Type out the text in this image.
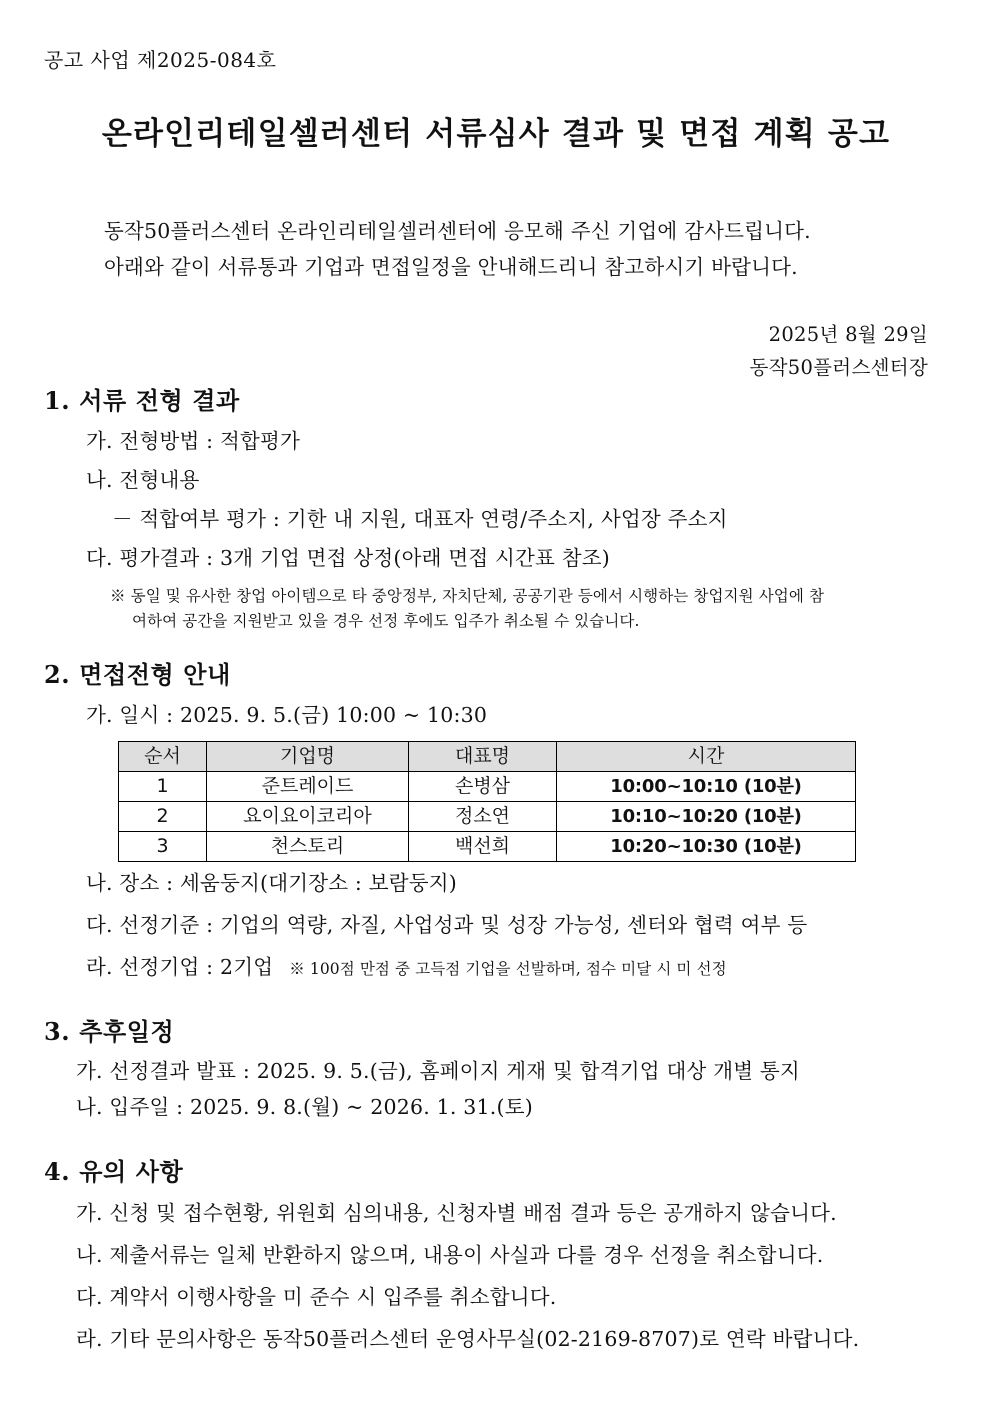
공고 사업 제2025-084호
온라인리테일셀러센터 서류심사 결과 및 면접 계획 공고
동작50플러스센터 온라인리테일셀러센터에 응모해 주신 기업에 감사드립니다.
아래와 같이 서류통과 기업과 면접일정을 안내해드리니 참고하시기 바랍니다.
2025년 8월 29일
동작50플러스센터장
1. 서류 전형 결과
가. 전형방법 : 적합평가
나. 전형내용
－ 적합여부 평가 : 기한 내 지원, 대표자 연령/주소지, 사업장 주소지
다. 평가결과 : 3개 기업 면접 상정(아래 면접 시간표 참조)
※ 동일 및 유사한 창업 아이템으로 타 중앙정부, 자치단체, 공공기관 등에서 시행하는 창업지원 사업에 참
여하여 공간을 지원받고 있을 경우 선정 후에도 입주가 취소될 수 있습니다.
2. 면접전형 안내
가. 일시 : 2025. 9. 5.(금) 10:00 ~ 10:30
순서	기업명	대표명	시간
1	준트레이드	손병삼	10:00~10:10 (10분)
2	요이요이코리아	정소연	10:10~10:20 (10분)
3	천스토리	백선희	10:20~10:30 (10분)
나. 장소 : 세움둥지(대기장소 : 보람둥지)
다. 선정기준 : 기업의 역량, 자질, 사업성과 및 성장 가능성, 센터와 협력 여부 등
라. 선정기업 : 2기업 ※ 100점 만점 중 고득점 기업을 선발하며, 점수 미달 시 미 선정
3. 추후일정
가. 선정결과 발표 : 2025. 9. 5.(금), 홈페이지 게재 및 합격기업 대상 개별 통지
나. 입주일 : 2025. 9. 8.(월) ~ 2026. 1. 31.(토)
4. 유의 사항
가. 신청 및 접수현황, 위원회 심의내용, 신청자별 배점 결과 등은 공개하지 않습니다.
나. 제출서류는 일체 반환하지 않으며, 내용이 사실과 다를 경우 선정을 취소합니다.
다. 계약서 이행사항을 미 준수 시 입주를 취소합니다.
라. 기타 문의사항은 동작50플러스센터 운영사무실(02-2169-8707)로 연락 바랍니다.
